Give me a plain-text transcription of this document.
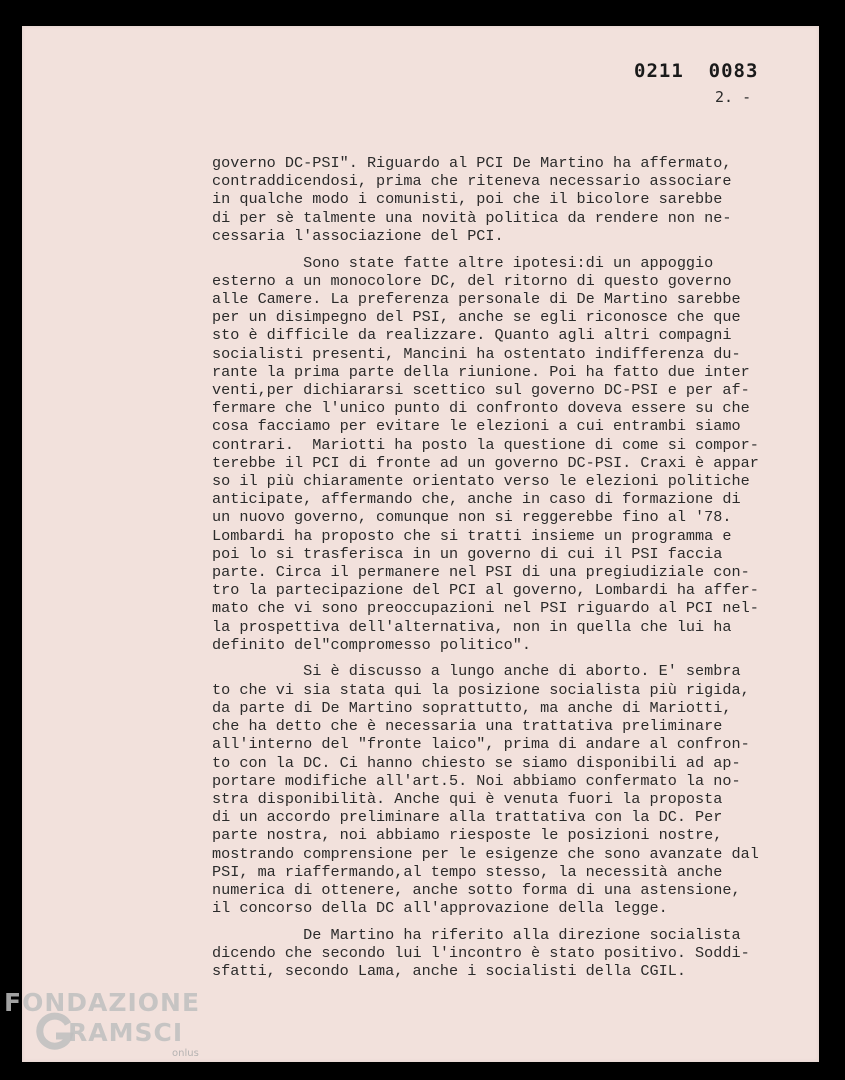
0211  0083
2. -
governo DC-PSI". Riguardo al PCI De Martino ha affermato,
contraddicendosi, prima che riteneva necessario associare
in qualche modo i comunisti, poi che il bicolore sarebbe
di per sè talmente una novità politica da rendere non ne-
cessaria l'associazione del PCI.
Sono state fatte altre ipotesi:di un appoggio
esterno a un monocolore DC, del ritorno di questo governo
alle Camere. La preferenza personale di De Martino sarebbe
per un disimpegno del PSI, anche se egli riconosce che que
sto è difficile da realizzare. Quanto agli altri compagni
socialisti presenti, Mancini ha ostentato indifferenza du-
rante la prima parte della riunione. Poi ha fatto due inter
venti,per dichiararsi scettico sul governo DC-PSI e per af-
fermare che l'unico punto di confronto doveva essere su che
cosa facciamo per evitare le elezioni a cui entrambi siamo
contrari.  Mariotti ha posto la questione di come si compor-
terebbe il PCI di fronte ad un governo DC-PSI. Craxi è appar
so il più chiaramente orientato verso le elezioni politiche
anticipate, affermando che, anche in caso di formazione di
un nuovo governo, comunque non si reggerebbe fino al '78.
Lombardi ha proposto che si tratti insieme un programma e
poi lo si trasferisca in un governo di cui il PSI faccia
parte. Circa il permanere nel PSI di una pregiudiziale con-
tro la partecipazione del PCI al governo, Lombardi ha affer-
mato che vi sono preoccupazioni nel PSI riguardo al PCI nel-
la prospettiva dell'alternativa, non in quella che lui ha
definito del"compromesso politico".
Si è discusso a lungo anche di aborto. E' sembra
to che vi sia stata qui la posizione socialista più rigida,
da parte di De Martino soprattutto, ma anche di Mariotti,
che ha detto che è necessaria una trattativa preliminare
all'interno del "fronte laico", prima di andare al confron-
to con la DC. Ci hanno chiesto se siamo disponibili ad ap-
portare modifiche all'art.5. Noi abbiamo confermato la no-
stra disponibilità. Anche qui è venuta fuori la proposta
di un accordo preliminare alla trattativa con la DC. Per
parte nostra, noi abbiamo riesposte le posizioni nostre,
mostrando comprensione per le esigenze che sono avanzate dal
PSI, ma riaffermando,al tempo stesso, la necessità anche
numerica di ottenere, anche sotto forma di una astensione,
il concorso della DC all'approvazione della legge.
De Martino ha riferito alla direzione socialista
dicendo che secondo lui l'incontro è stato positivo. Soddi-
sfatti, secondo Lama, anche i socialisti della CGIL.
FONDAZIONE
RAMSCI
onlus
